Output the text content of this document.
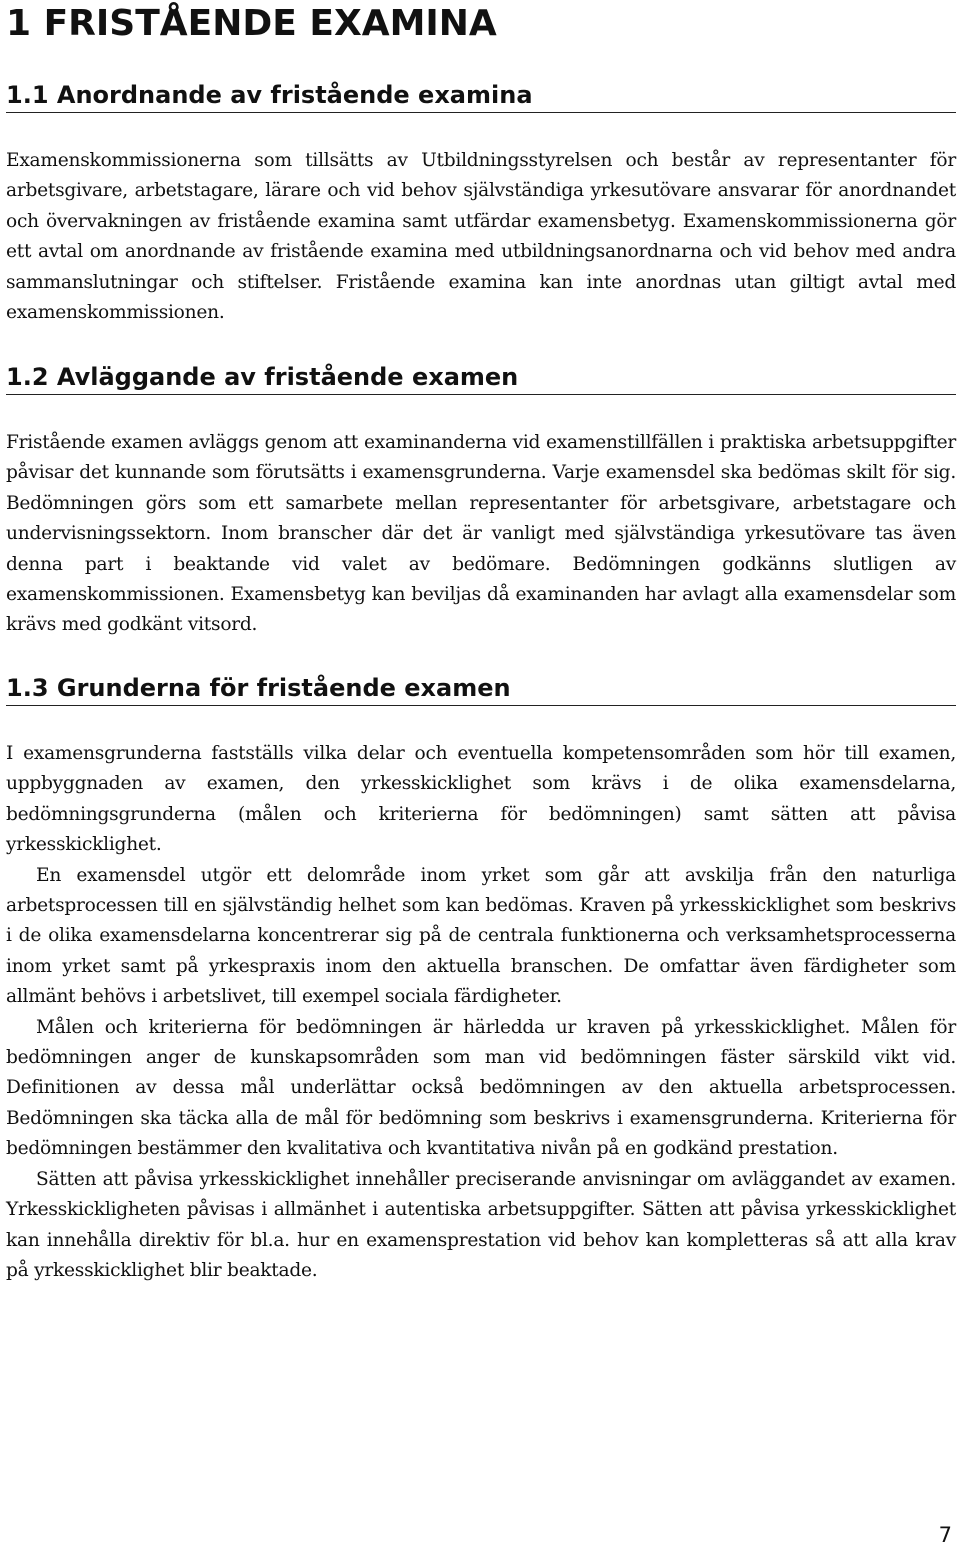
1 FRISTÅENDE EXAMINA
1.1 Anordnande av fristående examina

Examenskommissionerna som tillsätts av Utbildningsstyrelsen och består av representanter för arbetsgivare, arbetstagare, lärare och vid behov självständiga yrkesutövare ansvarar för anordnandet och övervakningen av fristående examina samt utfärdar examensbetyg. Examenskommissionerna gör ett avtal om anordnande av fristående examina med utbildningsanordnarna och vid behov med andra sammanslutningar och stiftelser. Fristående examina kan inte anordnas utan giltigt avtal med examenskommissionen.

1.2 Avläggande av fristående examen

Fristående examen avläggs genom att examinanderna vid examenstillfällen i praktiska arbetsuppgifter påvisar det kunnande som förutsätts i examensgrunderna. Varje examensdel ska bedömas skilt för sig. Bedömningen görs som ett samarbete mellan representanter för arbetsgivare, arbetstagare och undervisningssektorn. Inom branscher där det är vanligt med självständiga yrkesutövare tas även denna part i beaktande vid valet av bedömare. Bedömningen godkänns slutligen av examenskommissionen. Examensbetyg kan beviljas då examinanden har avlagt alla examensdelar som krävs med godkänt vitsord.

1.3 Grunderna för fristående examen

I examensgrunderna fastställs vilka delar och eventuella kompetensområden som hör till examen, uppbyggnaden av examen, den yrkesskicklighet som krävs i de olika examensdelarna, bedömningsgrunderna (målen och kriterierna för bedömningen) samt sätten att påvisa yrkesskicklighet.

En examensdel utgör ett delområde inom yrket som går att avskilja från den naturliga arbetsprocessen till en självständig helhet som kan bedömas. Kraven på yrkesskicklighet som beskrivs i de olika examensdelarna koncentrerar sig på de centrala funktionerna och verksamhetsprocesserna inom yrket samt på yrkespraxis inom den aktuella branschen. De omfattar även färdigheter som allmänt behövs i arbetslivet, till exempel sociala färdigheter.

Målen och kriterierna för bedömningen är härledda ur kraven på yrkesskicklighet. Målen för bedömningen anger de kunskapsområden som man vid bedömningen fäster särskild vikt vid. Definitionen av dessa mål underlättar också bedömningen av den aktuella arbetsprocessen. Bedömningen ska täcka alla de mål för bedömning som beskrivs i examensgrunderna. Kriterierna för bedömningen bestämmer den kvalitativa och kvantitativa nivån på en godkänd prestation.

Sätten att påvisa yrkesskicklighet innehåller preciserande anvisningar om avläggandet av examen. Yrkesskickligheten påvisas i allmänhet i autentiska arbetsuppgifter. Sätten att påvisa yrkesskicklighet kan innehålla direktiv för bl.a. hur en examensprestation vid behov kan kompletteras så att alla krav på yrkesskicklighet blir beaktade.

7
